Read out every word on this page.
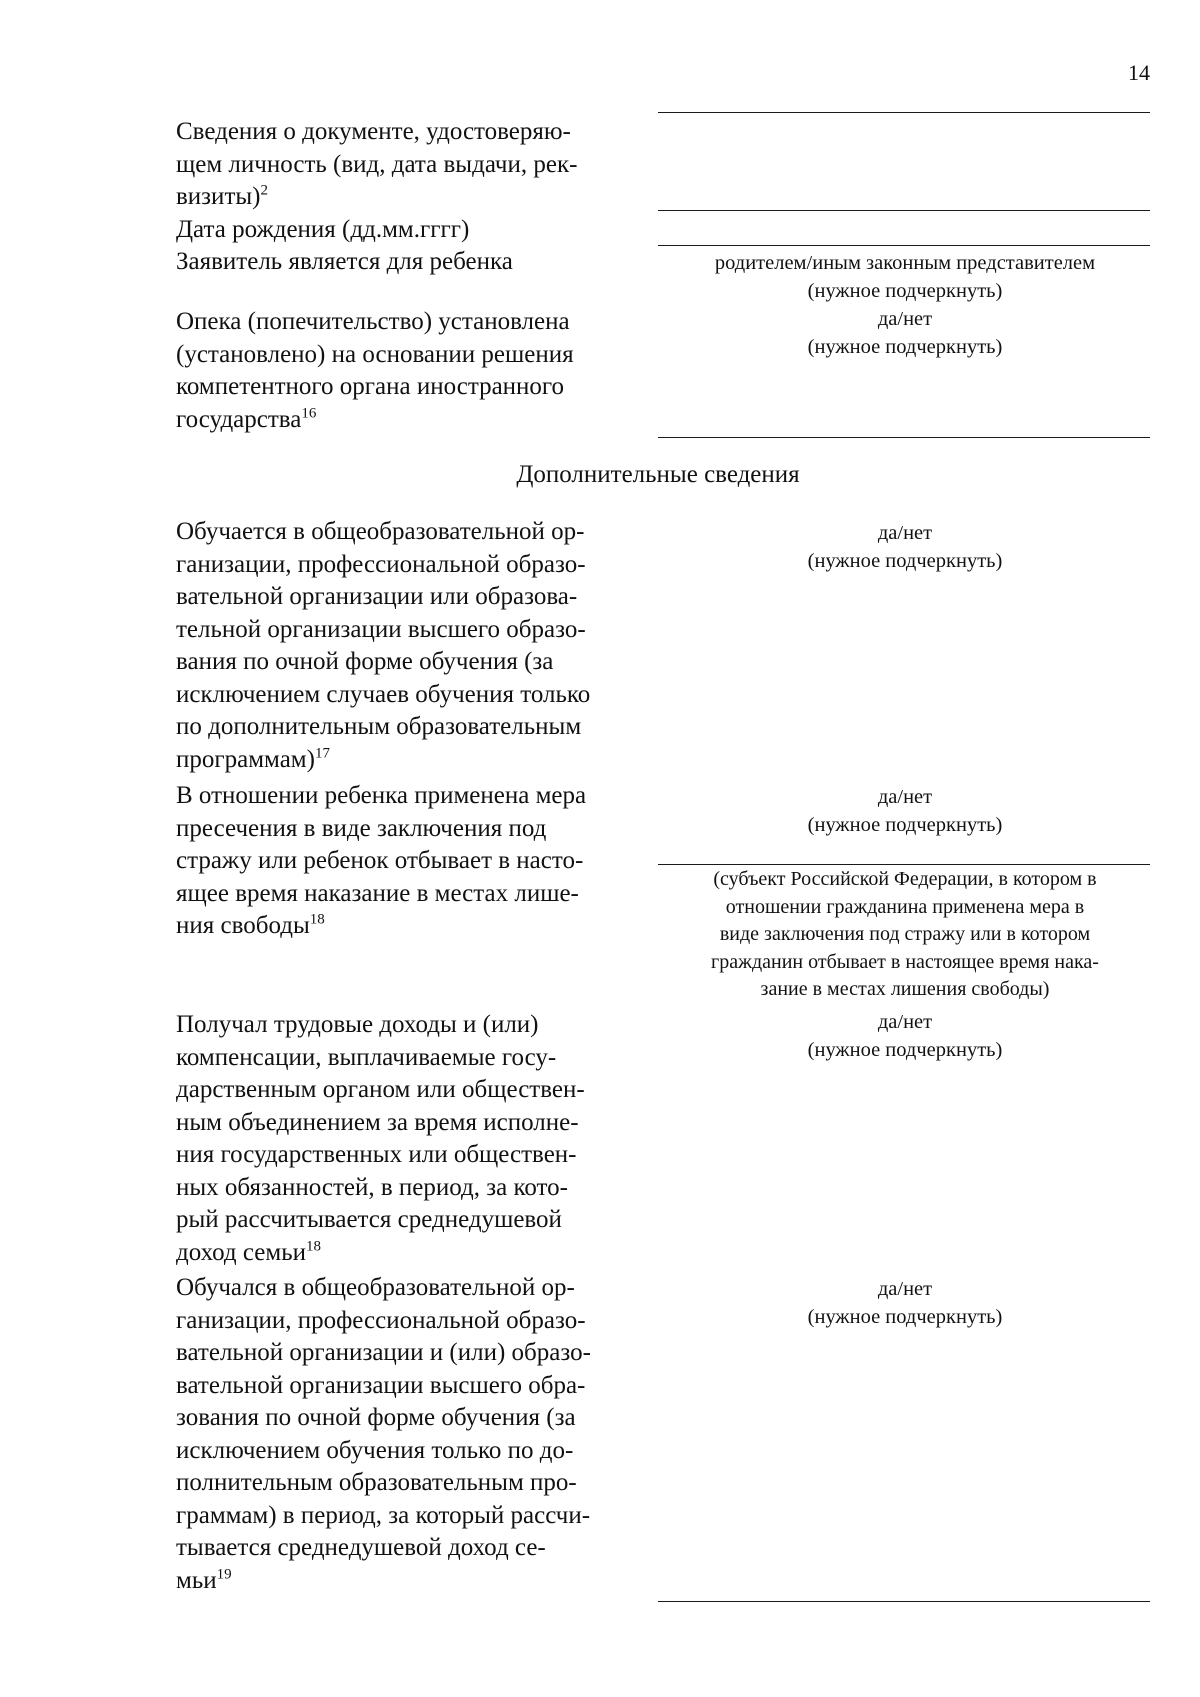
14
Сведения о документе, удостоверяю-
щем личность (вид, дата выдачи, рек-
визиты)$^2$
Дата рождения (дд.мм.гггг)
Заявитель является для ребенка	родителем/иным законным представителем
(нужное подчеркнуть)
Опека (попечительство) установлена
(установлено) на основании решения
компетентного органа иностранного
государства$^{16}$
да/нет
(нужное подчеркнуть)
Дополнительные сведения
Обучается в общеобразовательной ор-
ганизации, профессиональной образо-
вательной организации или образова-
тельной организации высшего образо-
вания по очной форме обучения (за
исключением случаев обучения только
по дополнительным образовательным
программам)$^{17}$
да/нет
(нужное подчеркнуть)
В отношении ребенка применена мера
пресечения в виде заключения под
стражу или ребенок отбывает в насто-
ящее время наказание в местах лише-
ния свободы$^{18}$
да/нет
(нужное подчеркнуть)
(субъект Российской Федерации, в котором в
отношении гражданина применена мера в
виде заключения под стражу или в котором
гражданин отбывает в настоящее время нака-
зание в местах лишения свободы)
Получал трудовые доходы и (или)
компенсации, выплачиваемые госу-
дарственным органом или обществен-
ным объединением за время исполне-
ния государственных или обществен-
ных обязанностей, в период, за кото-
рый рассчитывается среднедушевой
доход семьи$^{18}$
да/нет
(нужное подчеркнуть)
Обучался в общеобразовательной ор-
ганизации, профессиональной образо-
вательной организации и (или) образо-
вательной организации высшего обра-
зования по очной форме обучения (за
исключением обучения только по до-
полнительным образовательным про-
граммам) в период, за который рассчи-
тывается среднедушевой доход се-
мьи$^{19}$
да/нет
(нужное подчеркнуть)
